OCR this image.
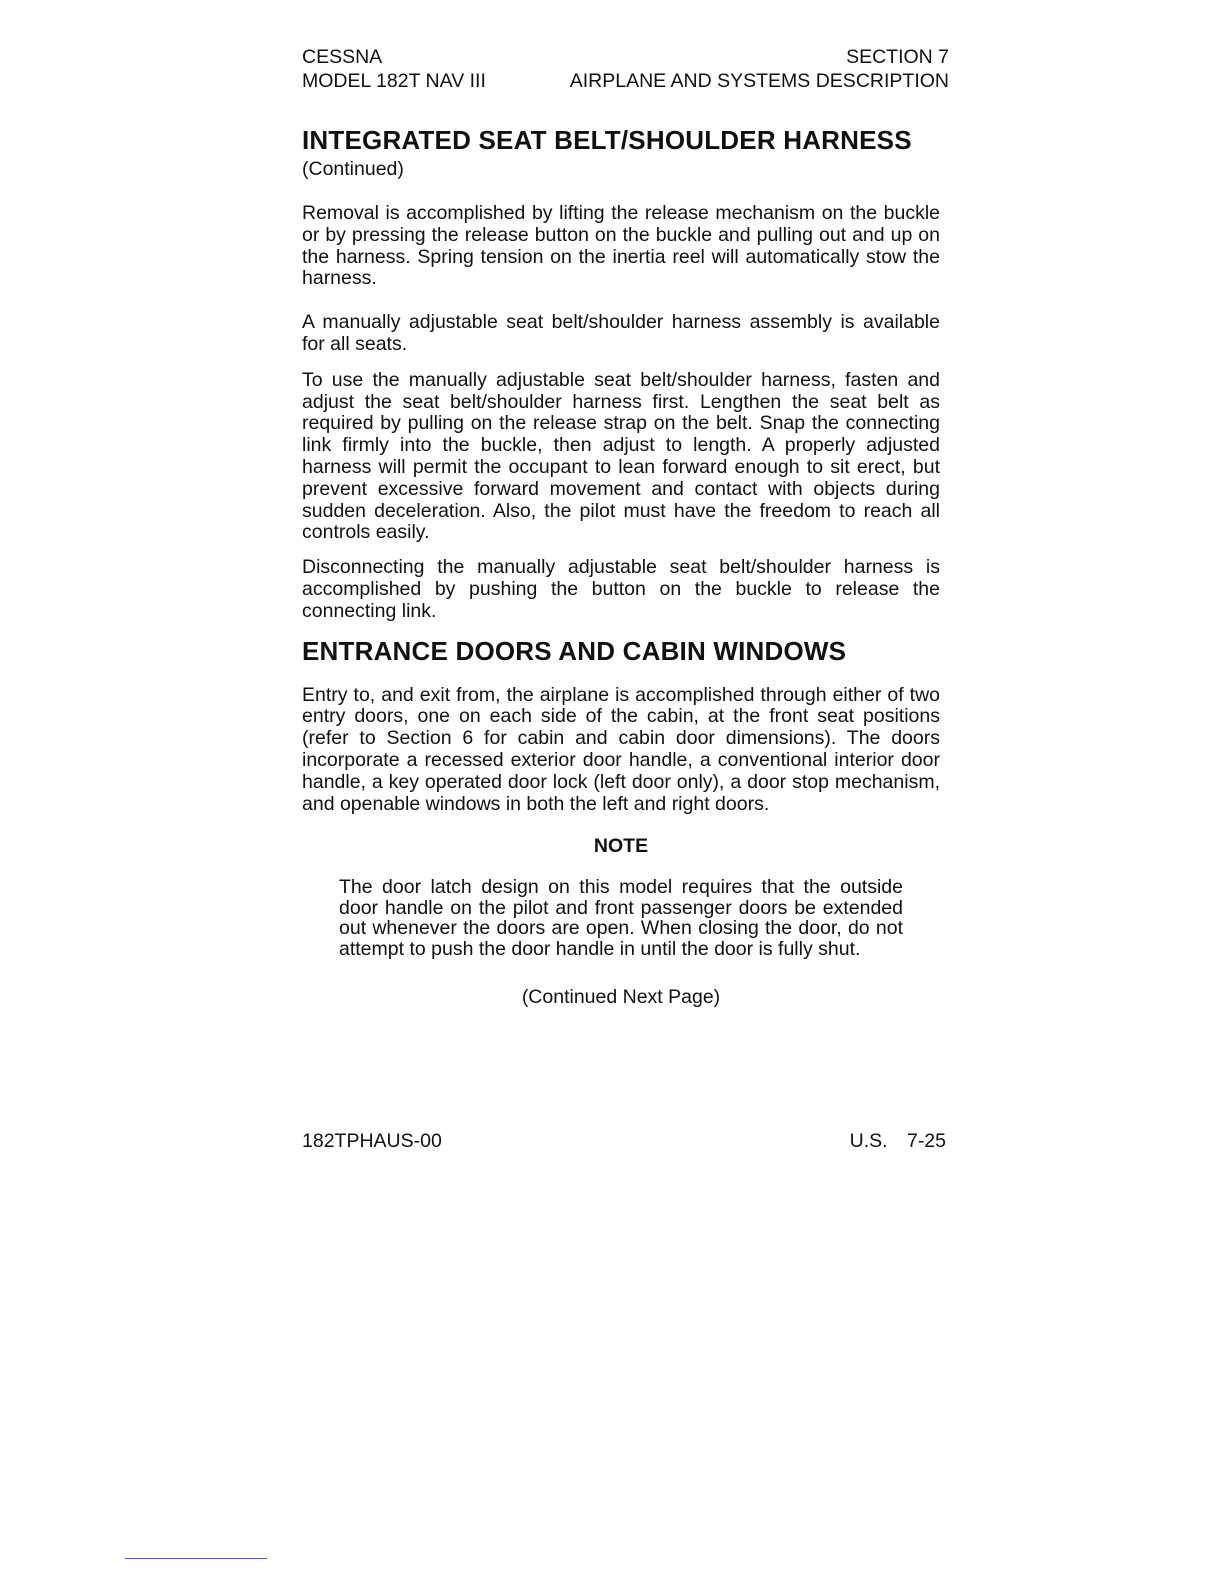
CESSNA
MODEL 182T NAV III
SECTION 7
AIRPLANE AND SYSTEMS DESCRIPTION
INTEGRATED SEAT BELT/SHOULDER HARNESS
(Continued)

Removal is accomplished by lifting the release mechanism on the buckle or by pressing the release button on the buckle and pulling out and up on the harness. Spring tension on the inertia reel will automatically stow the harness.

A manually adjustable seat belt/shoulder harness assembly is available for all seats.

To use the manually adjustable seat belt/shoulder harness, fasten and adjust the seat belt/shoulder harness first. Lengthen the seat belt as required by pulling on the release strap on the belt. Snap the connecting link firmly into the buckle, then adjust to length. A properly adjusted harness will permit the occupant to lean forward enough to sit erect, but prevent excessive forward movement and contact with objects during sudden deceleration. Also, the pilot must have the freedom to reach all controls easily.

Disconnecting the manually adjustable seat belt/shoulder harness is accomplished by pushing the button on the buckle to release the connecting link.

ENTRANCE DOORS AND CABIN WINDOWS

Entry to, and exit from, the airplane is accomplished through either of two entry doors, one on each side of the cabin, at the front seat positions (refer to Section 6 for cabin and cabin door dimensions). The doors incorporate a recessed exterior door handle, a conventional interior door handle, a key operated door lock (left door only), a door stop mechanism, and openable windows in both the left and right doors.

NOTE
The door latch design on this model requires that the outside door handle on the pilot and front passenger doors be extended out whenever the doors are open. When closing the door, do not attempt to push the door handle in until the door is fully shut.
(Continued Next Page)
182TPHAUS-00	U.S. 7-25
